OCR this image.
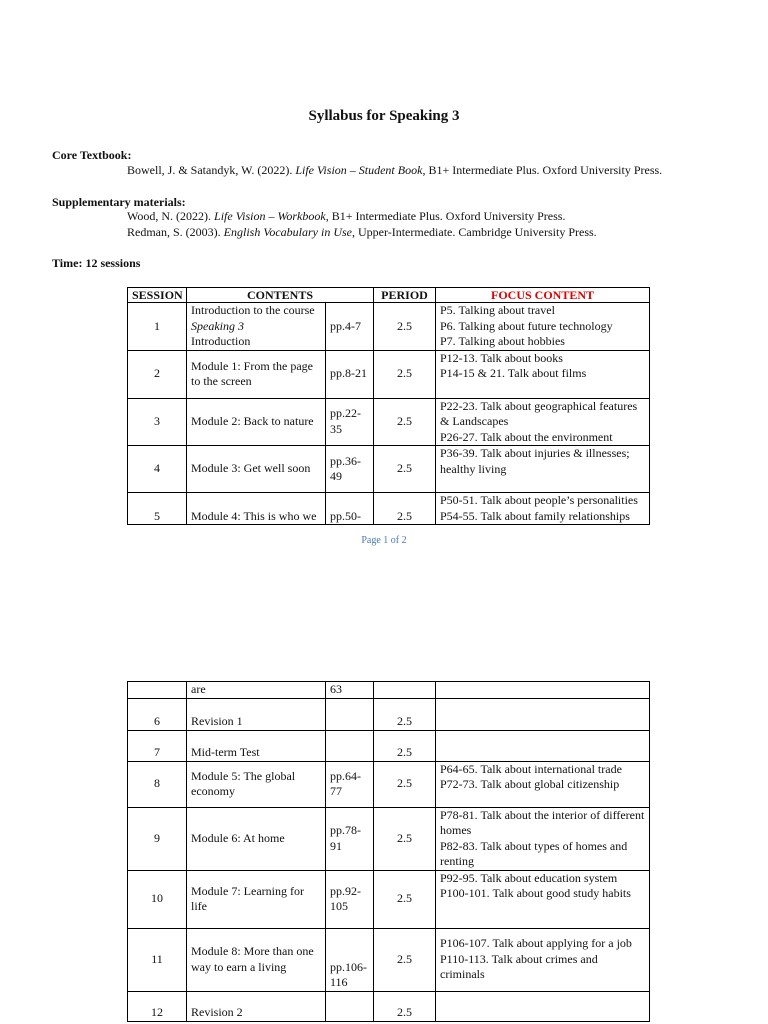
Syllabus for Speaking 3
Core Textbook:
Bowell, J. & Satandyk, W. (2022). Life Vision – Student Book, B1+ Intermediate Plus. Oxford University Press.
Supplementary materials:
Wood, N. (2022). Life Vision – Workbook, B1+ Intermediate Plus. Oxford University Press.
Redman, S. (2003). English Vocabulary in Use, Upper-Intermediate. Cambridge University Press.
Time: 12 sessions
SESSION	CONTENTS		PERIOD	FOCUS CONTENT
1	Introduction to the course
Speaking 3
Introduction	pp.4-7	2.5	P5. Talking about travel
P6. Talking about future technology
P7. Talking about hobbies

2	Module 1: From the page to the screen	pp.8-21	2.5	P12-13. Talk about books
P14-15 & 21. Talk about films

3	Module 2: Back to nature	pp.22-35	2.5	P22-23. Talk about geographical features & Landscapes
P26-27. Talk about the environment

4	Module 3: Get well soon	pp.36-49	2.5	P36-39. Talk about injuries & illnesses; healthy living

5	Module 4: This is who we	pp.50-	2.5	P50-51. Talk about people’s personalities
P54-55. Talk about family relationships
Page 1 of 2
	are	63		
6	Revision 1		2.5	
7	Mid-term Test		2.5	
8	Module 5: The global economy	pp.64-77	2.5	P64-65. Talk about international trade
P72-73. Talk about global citizenship

9	Module 6: At home	pp.78-91	2.5	P78-81. Talk about the interior of different homes
P82-83. Talk about types of homes and renting

10	Module 7: Learning for life	pp.92-105	2.5	P92-95. Talk about education system
P100-101. Talk about good study habits

11	Module 8: More than one way to earn a living	pp.106-116	2.5	P106-107. Talk about applying for a job
P110-113. Talk about crimes and criminals

12	Revision 2		2.5	
